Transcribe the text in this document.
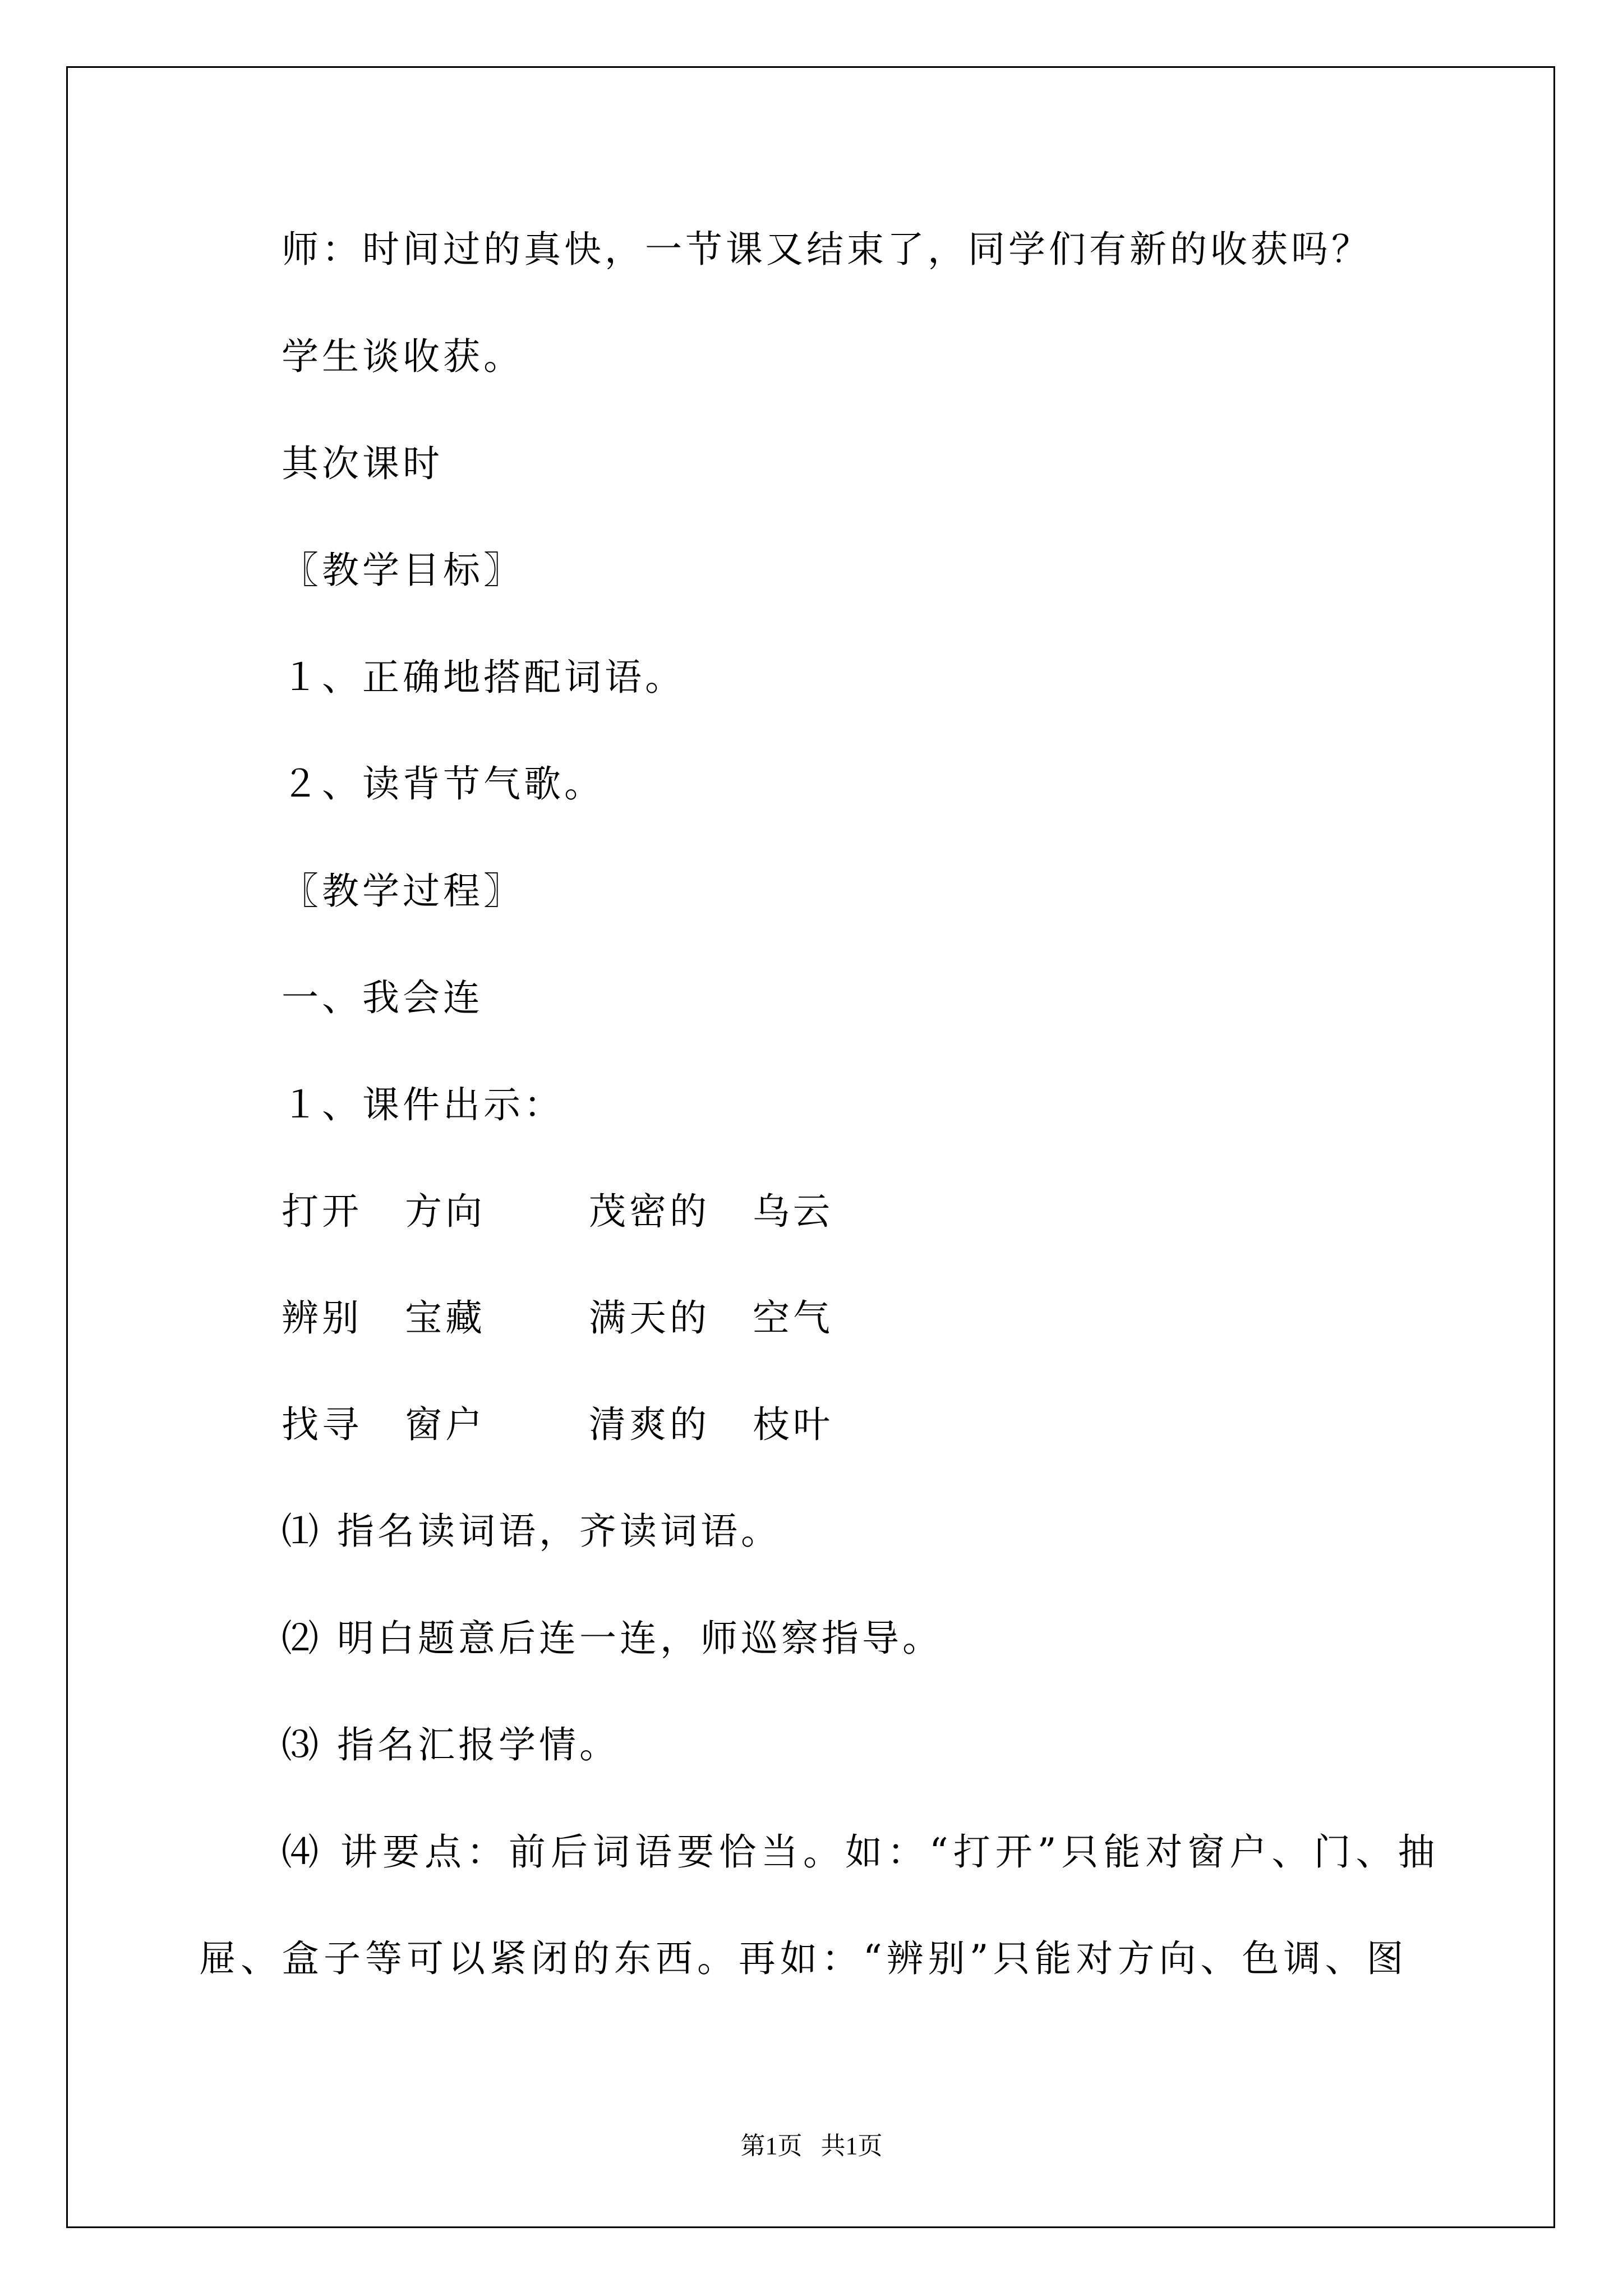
师：时间过的真快，一节课又结束了，同学们有新的收获吗？
学生谈收获。
其次课时
〖教学目标〗
１、正确地搭配词语。
２、读背节气歌。
〖教学过程〗
一、我会连
１、课件出示：
打开 方向	茂密的 乌云
辨别 宝藏	满天的 空气
找寻 窗户	清爽的 枝叶
⑴ 指名读词语，齐读词语。
⑵ 明白题意后连一连，师巡察指导。
⑶ 指名汇报学情。
⑷ 讲要点：前后词语要恰当。如：“打开”只能对窗户、门、抽
屉、盒子等可以紧闭的东西。再如：“辨别”只能对方向、色调、图
第1页   共1页
